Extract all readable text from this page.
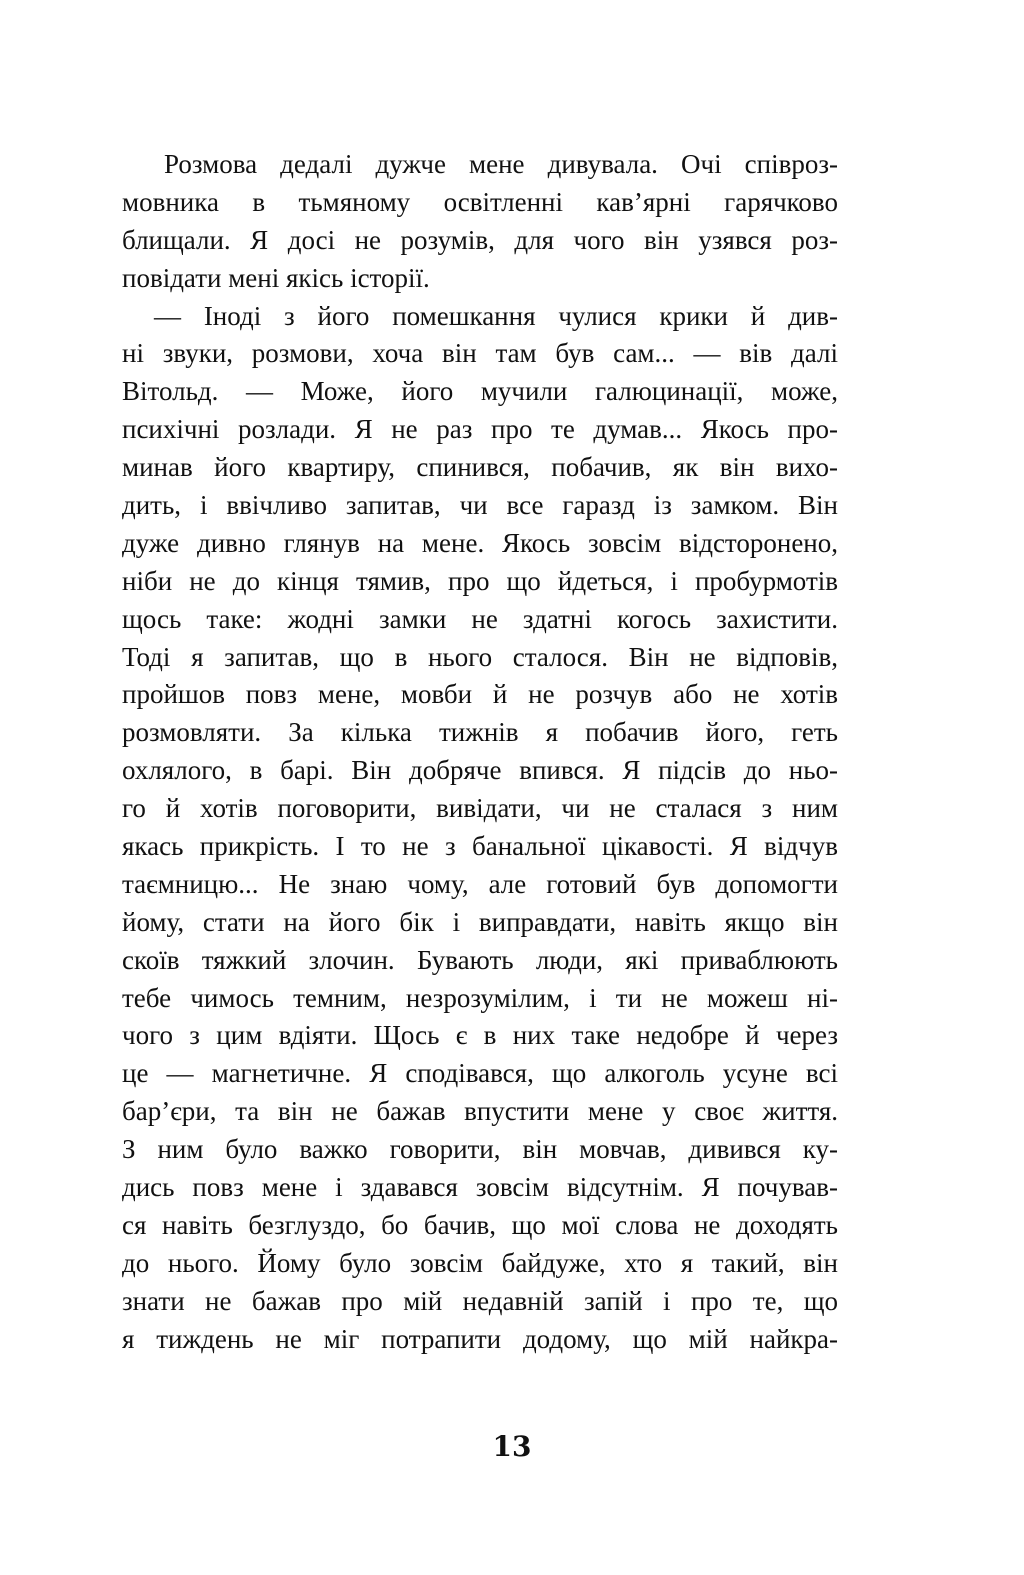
Розмова дедалі дужче мене дивувала. Очі співроз-
мовника в тьмяному освітленні кав’ярні гарячково
блищали. Я досі не розумів, для чого він узявся роз-
повідати мені якісь історії.
— Іноді з його помешкання чулися крики й див-
ні звуки, розмови, хоча він там був сам... — вів далі
Вітольд. — Може, його мучили галюцинації, може,
психічні розлади. Я не раз про те думав... Якось про-
минав його квартиру, спинився, побачив, як він вихо-
дить, і ввічливо запитав, чи все гаразд із замком. Він
дуже дивно глянув на мене. Якось зовсім відсторонено,
ніби не до кінця тямив, про що йдеться, і пробурмотів
щось таке: жодні замки не здатні когось захистити.
Тоді я запитав, що в нього сталося. Він не відповів,
пройшов повз мене, мовби й не розчув або не хотів
розмовляти. За кілька тижнів я побачив його, геть
охлялого, в барі. Він добряче впився. Я підсів до ньо-
го й хотів поговорити, вивідати, чи не сталася з ним
якась прикрість. І то не з банальної цікавості. Я відчув
таємницю... Не знаю чому, але готовий був допомогти
йому, стати на його бік і виправдати, навіть якщо він
скоїв тяжкий злочин. Бувають люди, які приваблюють
тебе чимось темним, незрозумілим, і ти не можеш ні-
чого з цим вдіяти. Щось є в них таке недобре й через
це — магнетичне. Я сподівався, що алкоголь усуне всі
бар’єри, та він не бажав впустити мене у своє життя.
З ним було важко говорити, він мовчав, дивився ку-
дись повз мене і здавався зовсім відсутнім. Я почував-
ся навіть безглуздо, бо бачив, що мої слова не доходять
до нього. Йому було зовсім байдуже, хто я такий, він
знати не бажав про мій недавній запій і про те, що
я тиждень не міг потрапити додому, що мій найкра-
13
